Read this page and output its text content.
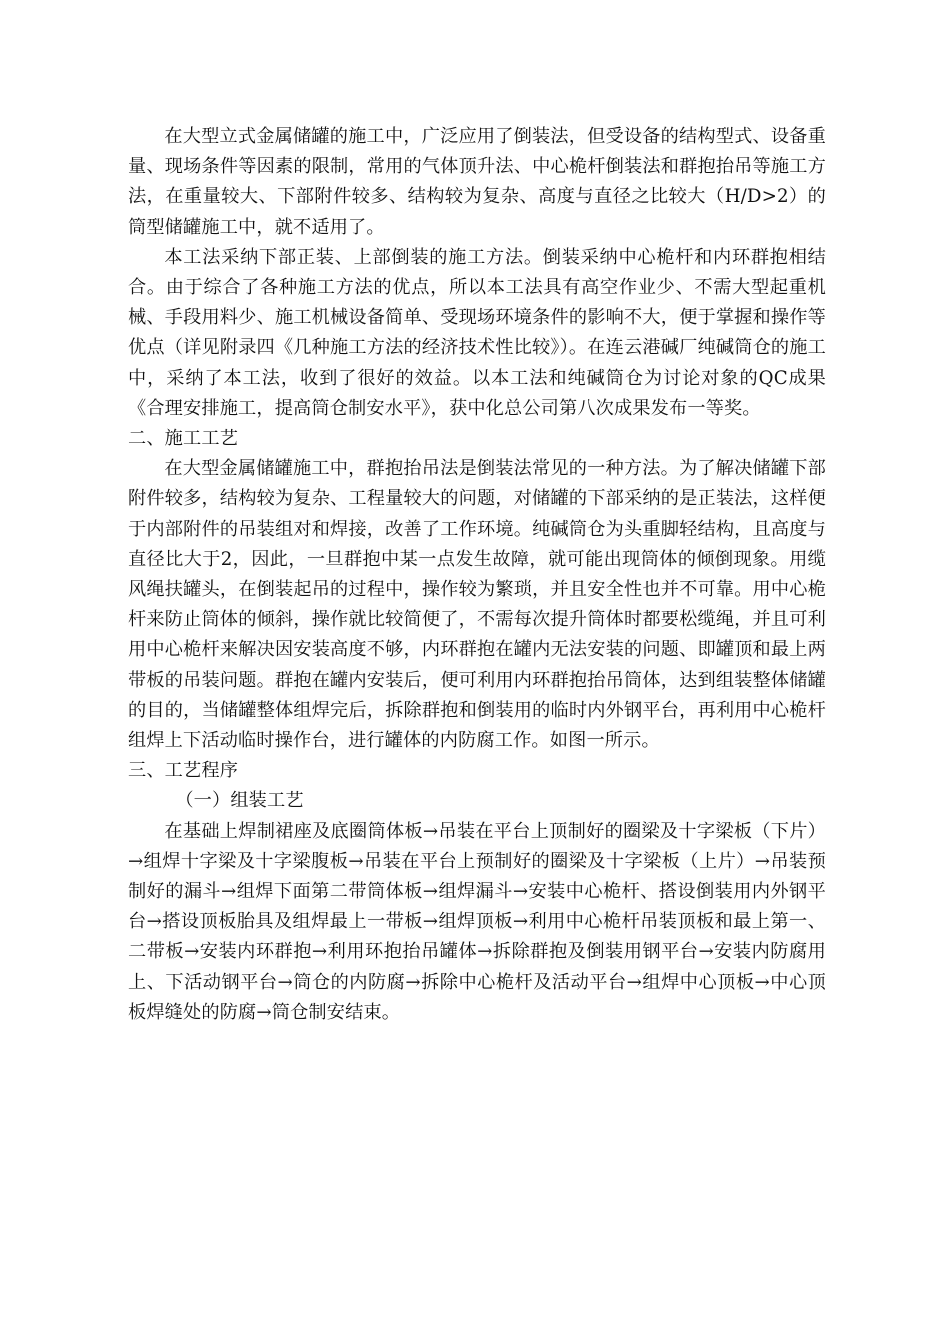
在大型立式金属储罐的施工中，广泛应用了倒装法，但受设备的结构型式、设备重量、现场条件等因素的限制，常用的气体顶升法、中心桅杆倒装法和群抱抬吊等施工方法，在重量较大、下部附件较多、结构较为复杂、高度与直径之比较大（H/D>2）的筒型储罐施工中，就不适用了。

本工法采纳下部正装、上部倒装的施工方法。倒装采纳中心桅杆和内环群抱相结合。由于综合了各种施工方法的优点，所以本工法具有高空作业少、不需大型起重机械、手段用料少、施工机械设备简单、受现场环境条件的影响不大，便于掌握和操作等优点（详见附录四《几种施工方法的经济技术性比较》）。在连云港碱厂纯碱筒仓的施工中，采纳了本工法，收到了很好的效益。以本工法和纯碱筒仓为讨论对象的QC成果《合理安排施工，提高筒仓制安水平》，获中化总公司第八次成果发布一等奖。

二、施工工艺

在大型金属储罐施工中，群抱抬吊法是倒装法常见的一种方法。为了解决储罐下部附件较多，结构较为复杂、工程量较大的问题，对储罐的下部采纳的是正装法，这样便于内部附件的吊装组对和焊接，改善了工作环境。纯碱筒仓为头重脚轻结构，且高度与直径比大于2，因此，一旦群抱中某一点发生故障，就可能出现筒体的倾倒现象。用缆风绳扶罐头，在倒装起吊的过程中，操作较为繁琐，并且安全性也并不可靠。用中心桅杆来防止筒体的倾斜，操作就比较简便了，不需每次提升筒体时都要松缆绳，并且可利用中心桅杆来解决因安装高度不够，内环群抱在罐内无法安装的问题、即罐顶和最上两带板的吊装问题。群抱在罐内安装后，便可利用内环群抱抬吊筒体，达到组装整体储罐的目的，当储罐整体组焊完后，拆除群抱和倒装用的临时内外钢平台，再利用中心桅杆组焊上下活动临时操作台，进行罐体的内防腐工作。如图一所示。

三、工艺程序

（一）组装工艺

在基础上焊制裙座及底圈筒体板→吊装在平台上顶制好的圈梁及十字梁板（下片）→组焊十字梁及十字梁腹板→吊装在平台上预制好的圈梁及十字梁板（上片）→吊装预制好的漏斗→组焊下面第二带筒体板→组焊漏斗→安装中心桅杆、搭设倒装用内外钢平台→搭设顶板胎具及组焊最上一带板→组焊顶板→利用中心桅杆吊装顶板和最上第一、二带板→安装内环群抱→利用环抱抬吊罐体→拆除群抱及倒装用钢平台→安装内防腐用上、下活动钢平台→筒仓的内防腐→拆除中心桅杆及活动平台→组焊中心顶板→中心顶板焊缝处的防腐→筒仓制安结束。
